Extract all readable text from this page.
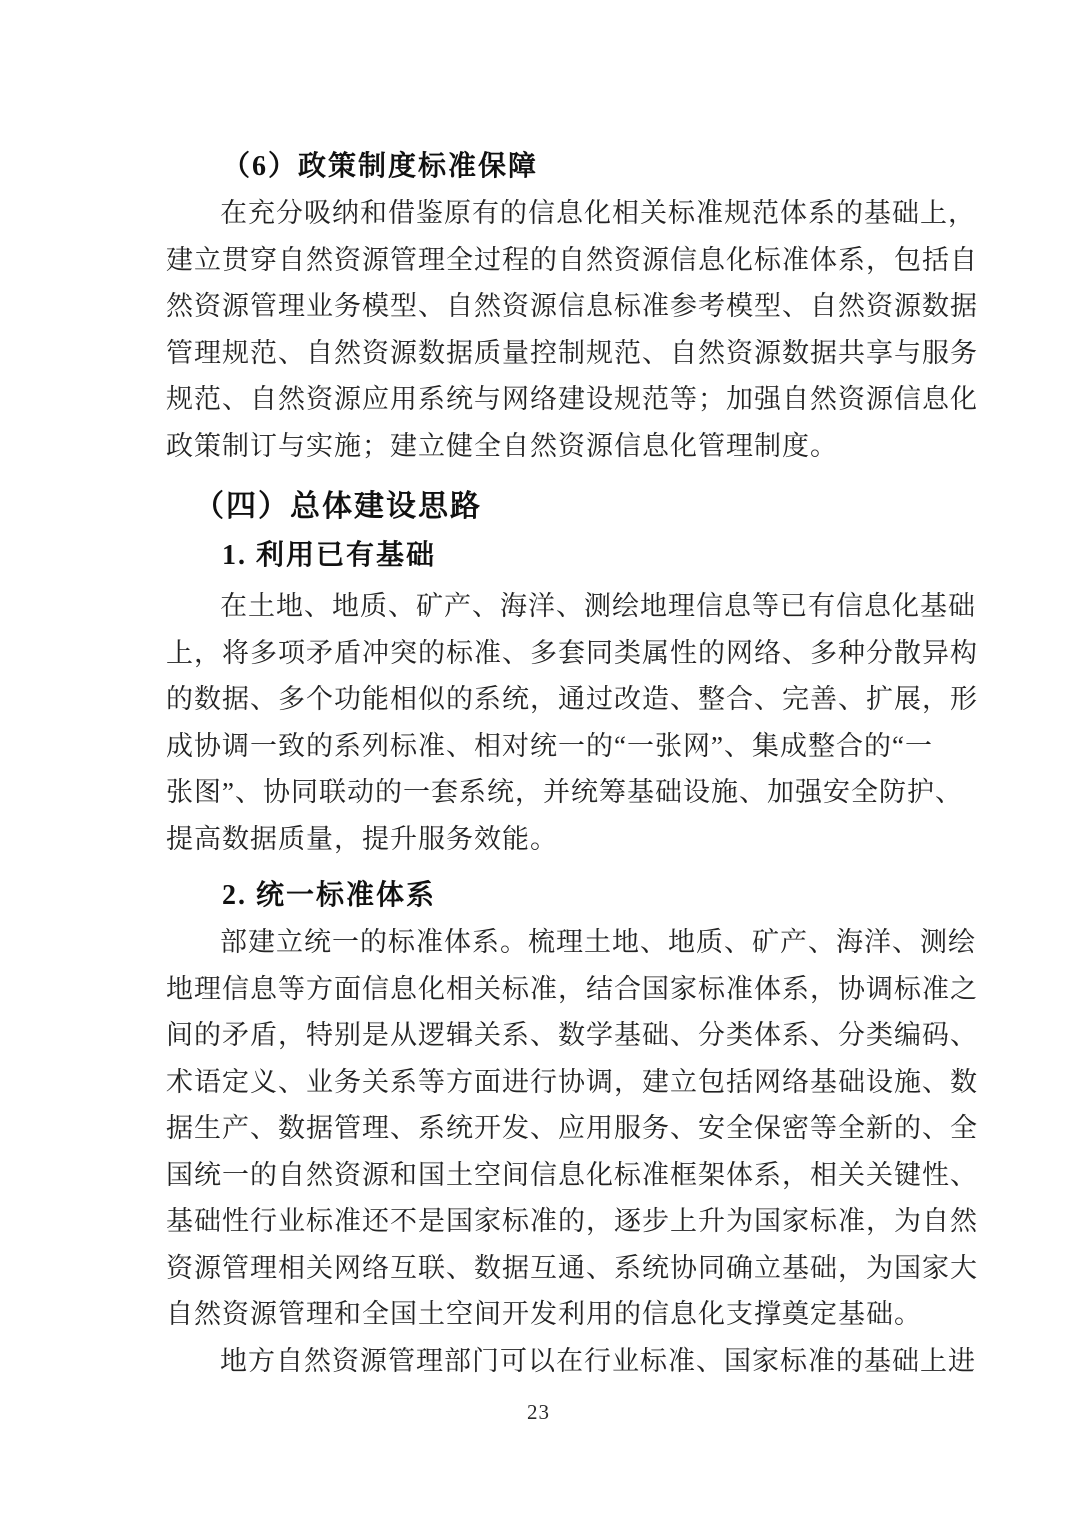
（6）政策制度标准保障
在充分吸纳和借鉴原有的信息化相关标准规范体系的基础上，
建立贯穿自然资源管理全过程的自然资源信息化标准体系，包括自
然资源管理业务模型、自然资源信息标准参考模型、自然资源数据
管理规范、自然资源数据质量控制规范、自然资源数据共享与服务
规范、自然资源应用系统与网络建设规范等；加强自然资源信息化
政策制订与实施；建立健全自然资源信息化管理制度。
（四）总体建设思路
1. 利用已有基础
在土地、地质、矿产、海洋、测绘地理信息等已有信息化基础
上，将多项矛盾冲突的标准、多套同类属性的网络、多种分散异构
的数据、多个功能相似的系统，通过改造、整合、完善、扩展，形
成协调一致的系列标准、相对统一的“一张网”、集成整合的“一
张图”、协同联动的一套系统，并统筹基础设施、加强安全防护、
提高数据质量，提升服务效能。
2. 统一标准体系
部建立统一的标准体系。梳理土地、地质、矿产、海洋、测绘
地理信息等方面信息化相关标准，结合国家标准体系，协调标准之
间的矛盾，特别是从逻辑关系、数学基础、分类体系、分类编码、
术语定义、业务关系等方面进行协调，建立包括网络基础设施、数
据生产、数据管理、系统开发、应用服务、安全保密等全新的、全
国统一的自然资源和国土空间信息化标准框架体系，相关关键性、
基础性行业标准还不是国家标准的，逐步上升为国家标准，为自然
资源管理相关网络互联、数据互通、系统协同确立基础，为国家大
自然资源管理和全国土空间开发利用的信息化支撑奠定基础。
地方自然资源管理部门可以在行业标准、国家标准的基础上进
23
